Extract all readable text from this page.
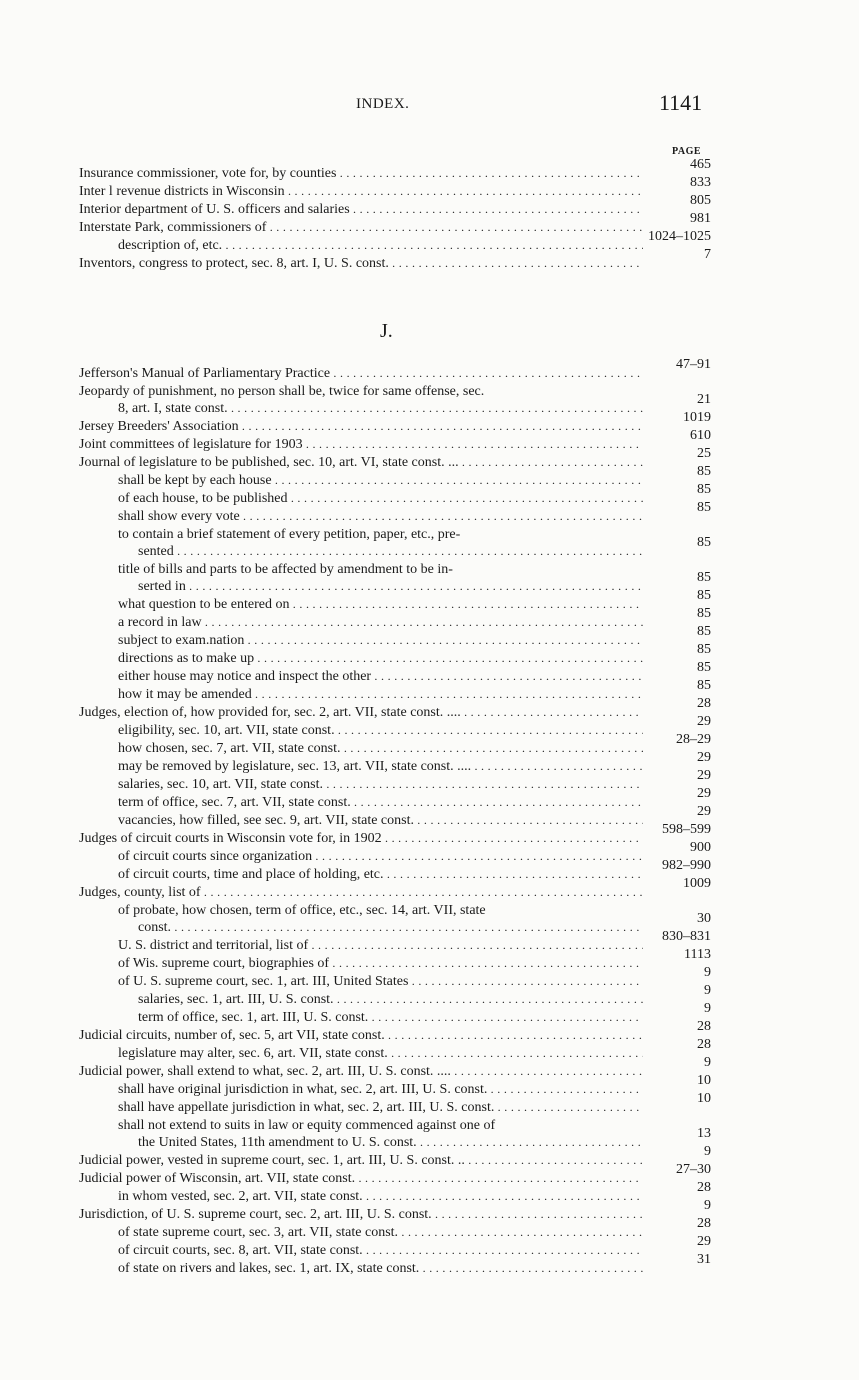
INDEX.	1141
PAGE
Insurance commissioner, vote for, by counties . . .
465
Inter l revenue districts in Wisconsin . . .
833
Interior department of U. S. officers and salaries . . .
805
Interstate Park, commissioners of . . .
981
description of, etc. . . .
1024–1025
Inventors, congress to protect, sec. 8, art. I, U. S. const. . . .
7
J.
Jefferson's Manual of Parliamentary Practice . . .
47–91
Jeopardy of punishment, no person shall be, twice for same offense, sec.
8, art. I, state const. . . .
21
Jersey Breeders' Association . . .
1019
Joint committees of legislature for 1903 . . .
610
Journal of legislature to be published, sec. 10, art. VI, state const. ... . . .
25
shall be kept by each house . . .
85
of each house, to be published . . .
85
shall show every vote . . .
85
to contain a brief statement of every petition, paper, etc., pre-
sented . . .
85
title of bills and parts to be affected by amendment to be in-
serted in . . .
85
what question to be entered on . . .
85
a record in law . . .
85
subject to exam.nation . . .
85
directions as to make up . . .
85
either house may notice and inspect the other . . .
85
how it may be amended . . .
85
Judges, election of, how provided for, sec. 2, art. VII, state const. .... . . .
28
eligibility, sec. 10, art. VII, state const. . . .
29
how chosen, sec. 7, art. VII, state const. . . .
28–29
may be removed by legislature, sec. 13, art. VII, state const. .... . . .
29
salaries, sec. 10, art. VII, state const. . . .
29
term of office, sec. 7, art. VII, state const. . . .
29
vacancies, how filled, see sec. 9, art. VII, state const. . . .
29
Judges of circuit courts in Wisconsin vote for, in 1902 . . .
598–599
of circuit courts since organization . . .
900
of circuit courts, time and place of holding, etc. . . .
982–990
Judges, county, list of . . .
1009
of probate, how chosen, term of office, etc., sec. 14, art. VII, state
const. . . .
30
U. S. district and territorial, list of . . .
830–831
of Wis. supreme court, biographies of . . .
1113
of U. S. supreme court, sec. 1, art. III, United States . . .
9
salaries, sec. 1, art. III, U. S. const. . . .
9
term of office, sec. 1, art. III, U. S. const. . . .
9
Judicial circuits, number of, sec. 5, art VII, state const. . . .
28
legislature may alter, sec. 6, art. VII, state const. . . .
28
Judicial power, shall extend to what, sec. 2, art. III, U. S. const. .... . . .
9
shall have original jurisdiction in what, sec. 2, art. III, U. S. const. . . .
10
shall have appellate jurisdiction in what, sec. 2, art. III, U. S. const. . . .
10
shall not extend to suits in law or equity commenced against one of
the United States, 11th amendment to U. S. const. . . .
13
Judicial power, vested in supreme court, sec. 1, art. III, U. S. const. .. . . .
9
Judicial power of Wisconsin, art. VII, state const. . . .
27–30
in whom vested, sec. 2, art. VII, state const. . . .
28
Jurisdiction, of U. S. supreme court, sec. 2, art. III, U. S. const. . . .
9
of state supreme court, sec. 3, art. VII, state const. . . .
28
of circuit courts, sec. 8, art. VII, state const. . . .
29
of state on rivers and lakes, sec. 1, art. IX, state const. . . .
31
